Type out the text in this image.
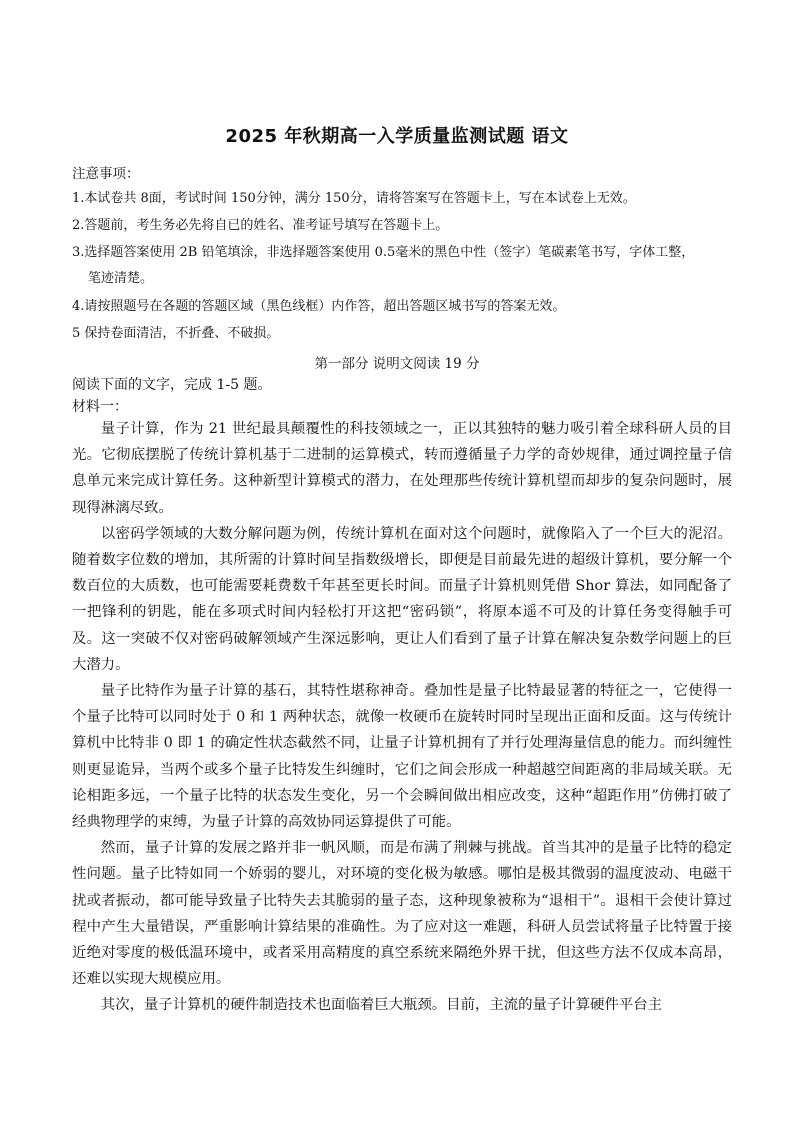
2025 年秋期高一入学质量监测试题 语文
注意事项：
1.本试卷共 8面，考试时间 150分钟，满分 150分，请将答案写在答题卡上，写在本试卷上无效。
2.答题前，考生务必先将自已的姓名、准考证号填写在答题卡上。
3.选择题答案使用 2B 铅笔填涂，非选择题答案使用 0.5毫米的黑色中性（签字）笔碳素笔书写，字体工整，
笔迹清楚。
4.请按照题号在各题的答题区域（黑色线框）内作答，超出答题区城书写的答案无效。
5 保持卷面清洁，不折叠、不破损。
第一部分 说明文阅读 19 分
阅读下面的文字，完成 1-5 题。
材料一：

量子计算，作为 21 世纪最具颠覆性的科技领域之一，正以其独特的魅力吸引着全球科研人员的目光。它彻底摆脱了传统计算机基于二进制的运算模式，转而遵循量子力学的奇妙规律，通过调控量子信息单元来完成计算任务。这种新型计算模式的潜力，在处理那些传统计算机望而却步的复杂问题时，展现得淋漓尽致。

以密码学领域的大数分解问题为例，传统计算机在面对这个问题时，就像陷入了一个巨大的泥沼。随着数字位数的增加，其所需的计算时间呈指数级增长，即便是目前最先进的超级计算机，要分解一个数百位的大质数，也可能需要耗费数千年甚至更长时间。而量子计算机则凭借 Shor 算法，如同配备了一把锋利的钥匙，能在多项式时间内轻松打开这把“密码锁”，将原本遥不可及的计算任务变得触手可及。这一突破不仅对密码破解领域产生深远影响，更让人们看到了量子计算在解决复杂数学问题上的巨大潜力。

量子比特作为量子计算的基石，其特性堪称神奇。叠加性是量子比特最显著的特征之一，它使得一个量子比特可以同时处于 0 和 1 两种状态，就像一枚硬币在旋转时同时呈现出正面和反面。这与传统计算机中比特非 0 即 1 的确定性状态截然不同，让量子计算机拥有了并行处理海量信息的能力。而纠缠性则更显诡异，当两个或多个量子比特发生纠缠时，它们之间会形成一种超越空间距离的非局域关联。无论相距多远，一个量子比特的状态发生变化，另一个会瞬间做出相应改变，这种“超距作用”仿佛打破了经典物理学的束缚，为量子计算的高效协同运算提供了可能。

然而，量子计算的发展之路并非一帆风顺，而是布满了荆棘与挑战。首当其冲的是量子比特的稳定性问题。量子比特如同一个娇弱的婴儿，对环境的变化极为敏感。哪怕是极其微弱的温度波动、电磁干扰或者振动，都可能导致量子比特失去其脆弱的量子态，这种现象被称为“退相干”。退相干会使计算过程中产生大量错误，严重影响计算结果的准确性。为了应对这一难题，科研人员尝试将量子比特置于接近绝对零度的极低温环境中，或者采用高精度的真空系统来隔绝外界干扰，但这些方法不仅成本高昂，还难以实现大规模应用。

其次，量子计算机的硬件制造技术也面临着巨大瓶颈。目前，主流的量子计算硬件平台主
